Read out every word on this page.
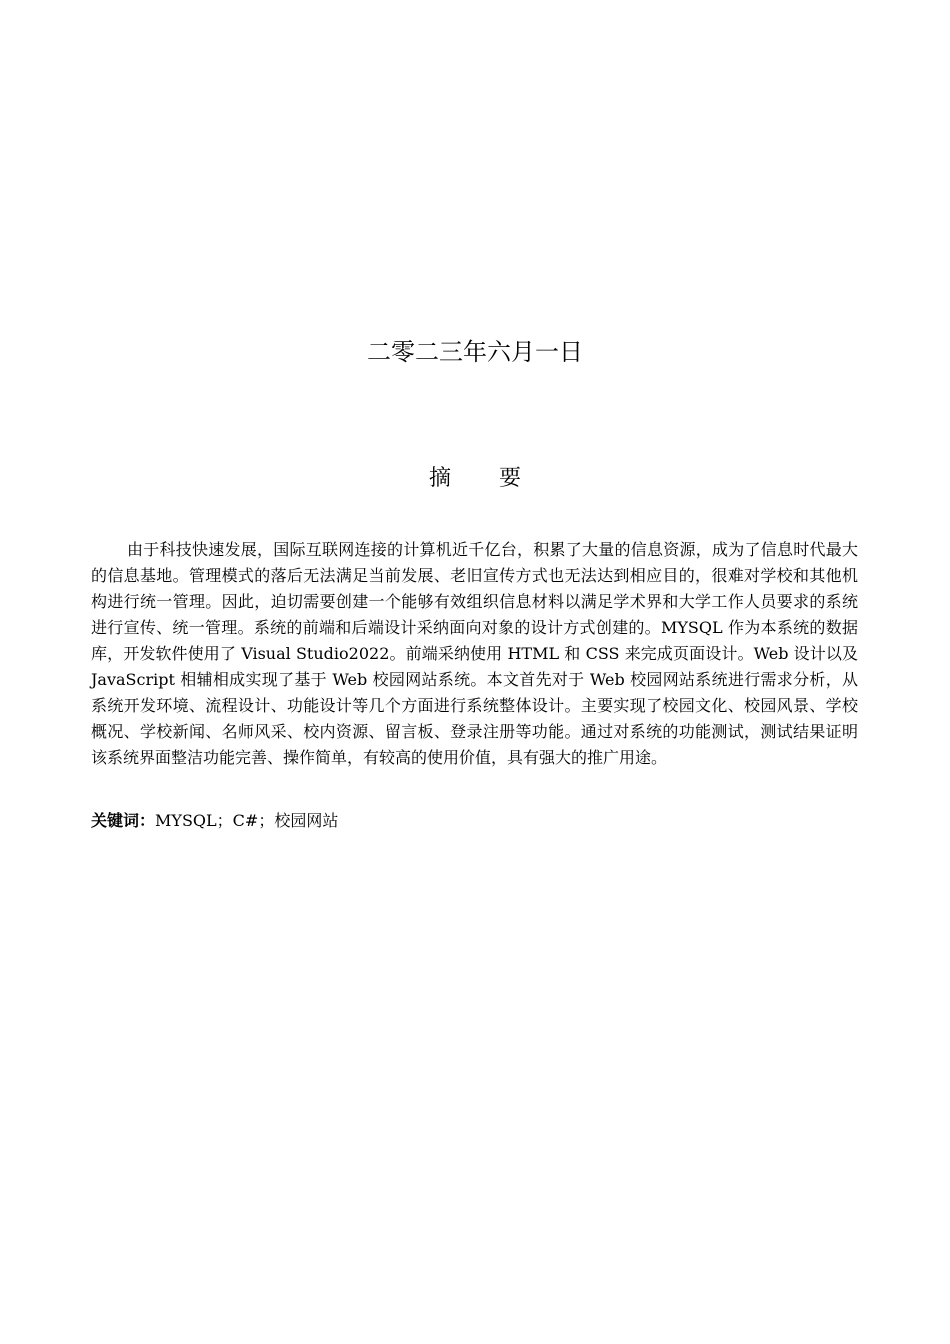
二零二三年六月一日
摘 要

由于科技快速发展，国际互联网连接的计算机近千亿台，积累了大量的信息资源，成为了信息时代最大的信息基地。管理模式的落后无法满足当前发展、老旧宣传方式也无法达到相应目的，很难对学校和其他机构进行统一管理。因此，迫切需要创建一个能够有效组织信息材料以满足学术界和大学工作人员要求的系统进行宣传、统一管理。系统的前端和后端设计采纳面向对象的设计方式创建的。MYSQL 作为本系统的数据库，开发软件使用了 Visual Studio2022。前端采纳使用 HTML 和 CSS 来完成页面设计。Web 设计以及 JavaScript 相辅相成实现了基于 Web 校园网站系统。本文首先对于 Web 校园网站系统进行需求分析，从系统开发环境、流程设计、功能设计等几个方面进行系统整体设计。主要实现了校园文化、校园风景、学校概况、学校新闻、名师风采、校内资源、留言板、登录注册等功能。通过对系统的功能测试，测试结果证明该系统界面整洁功能完善、操作简单，有较高的使用价值，具有强大的推广用途。

关键词：MYSQL；C#；校园网站
